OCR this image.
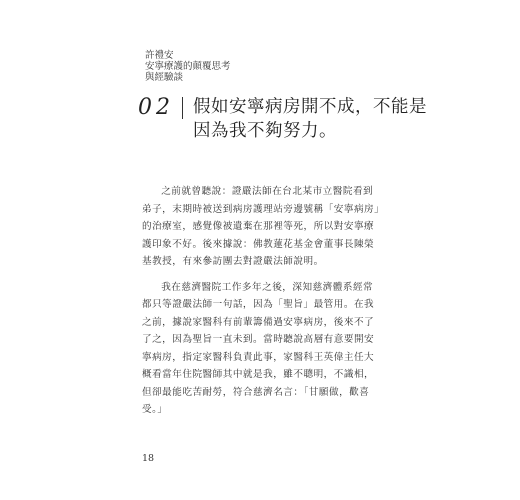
許禮安
安寧療護的顛覆思考
與經驗談
02	假如安寧病房開不成，不能是
因為我不夠努力。

之前就曾聽說：證嚴法師在台北某市立醫院看到弟子，末期時被送到病房護理站旁邊號稱「安寧病房」的治療室，感覺像被遺棄在那裡等死，所以對安寧療護印象不好。後來據說：佛教蓮花基金會董事長陳榮基教授，有來參訪團去對證嚴法師說明。

我在慈濟醫院工作多年之後，深知慈濟體系經常都只等證嚴法師一句話，因為「聖旨」最管用。在我之前，據說家醫科有前輩籌備過安寧病房，後來不了了之，因為聖旨一直未到。當時聽說高層有意要開安寧病房，指定家醫科負責此事，家醫科王英偉主任大概看當年住院醫師其中就是我，雖不聰明，不識相，但卻最能吃苦耐勞，符合慈濟名言：「甘願做，歡喜受。」

18
